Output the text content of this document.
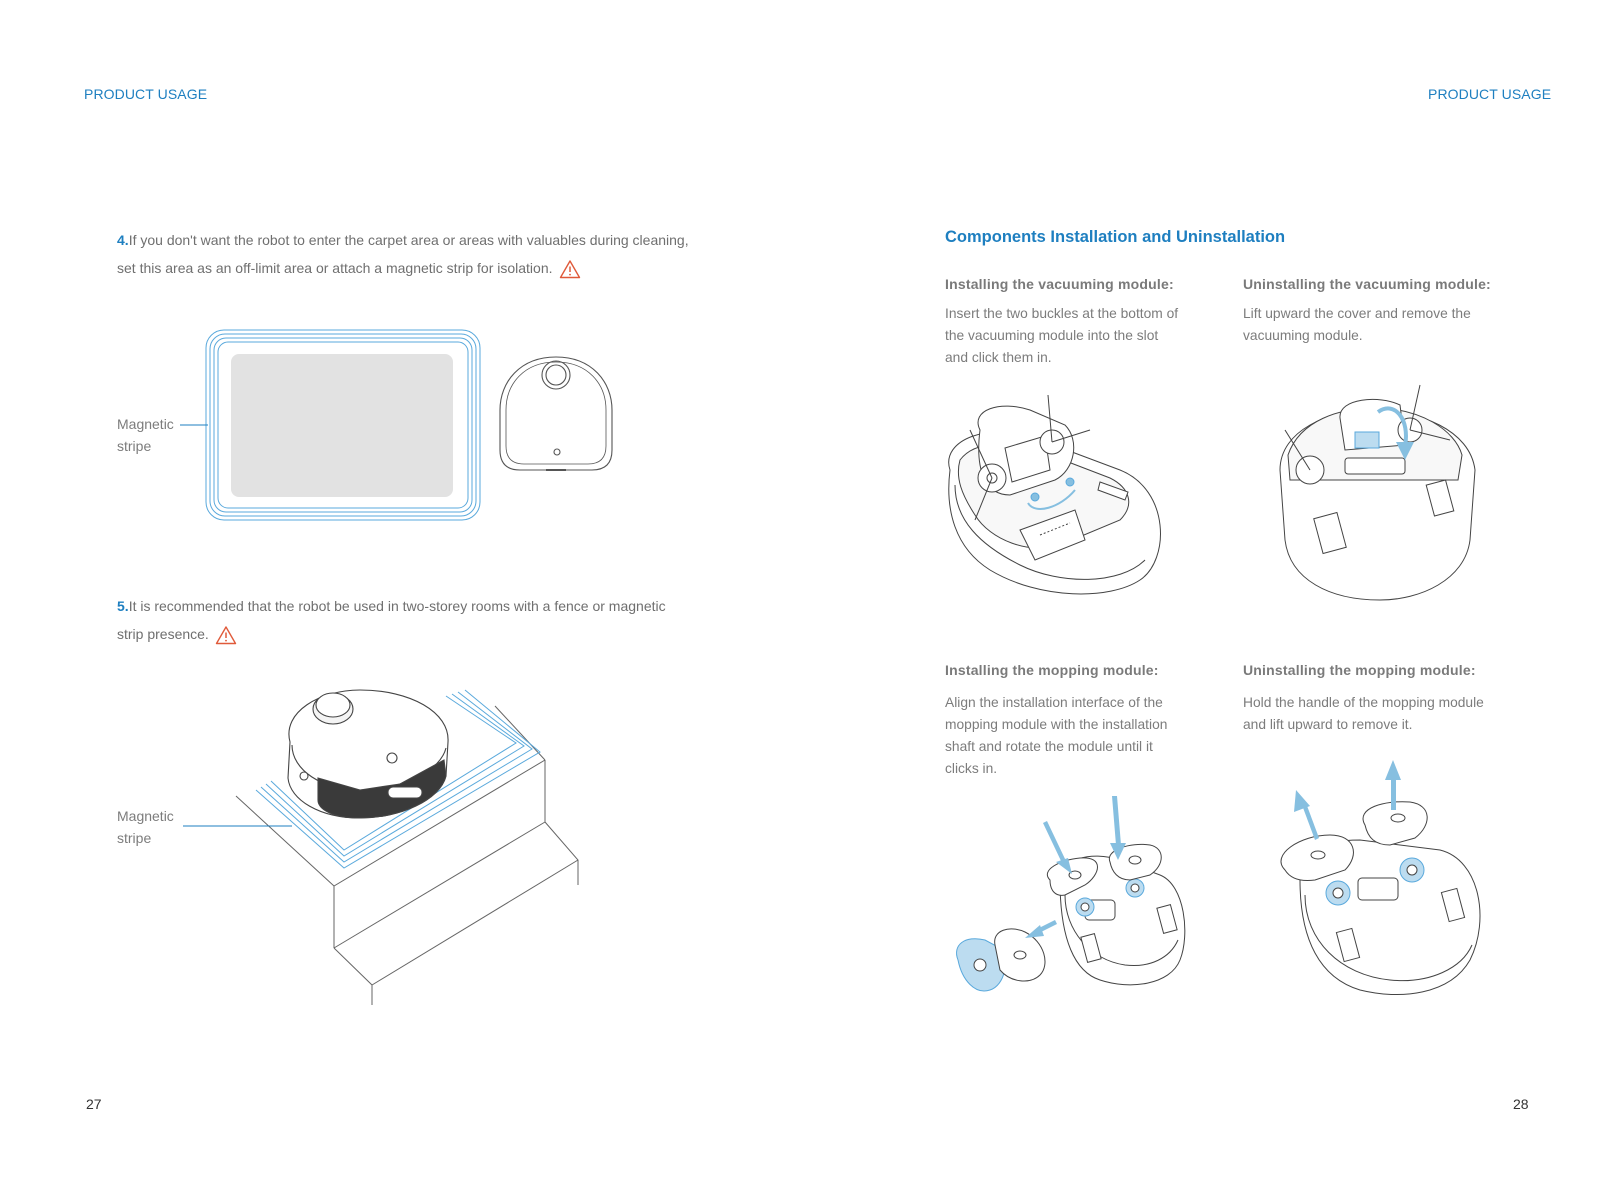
PRODUCT USAGE	PRODUCT USAGE
4.If you don't want the robot to enter the carpet area or areas with valuables during cleaning,
set this area as an off-limit area or attach a magnetic strip for isolation.
Magnetic
stripe
5.It is recommended that the robot be used in two-storey rooms with a fence or magnetic
strip presence.
Magnetic
stripe
27
Components Installation and Uninstallation
Installing the vacuuming module:
Insert the two buckles at the bottom of
the vacuuming module into the slot
and click them in.
Uninstalling the vacuuming module:
Lift upward the cover and remove the
vacuuming module.
Installing the mopping module:
Align the installation interface of the
mopping module with the installation
shaft and rotate the module until it
clicks in.
Uninstalling the mopping module:
Hold the handle of the mopping module
and lift upward to remove it.
28
